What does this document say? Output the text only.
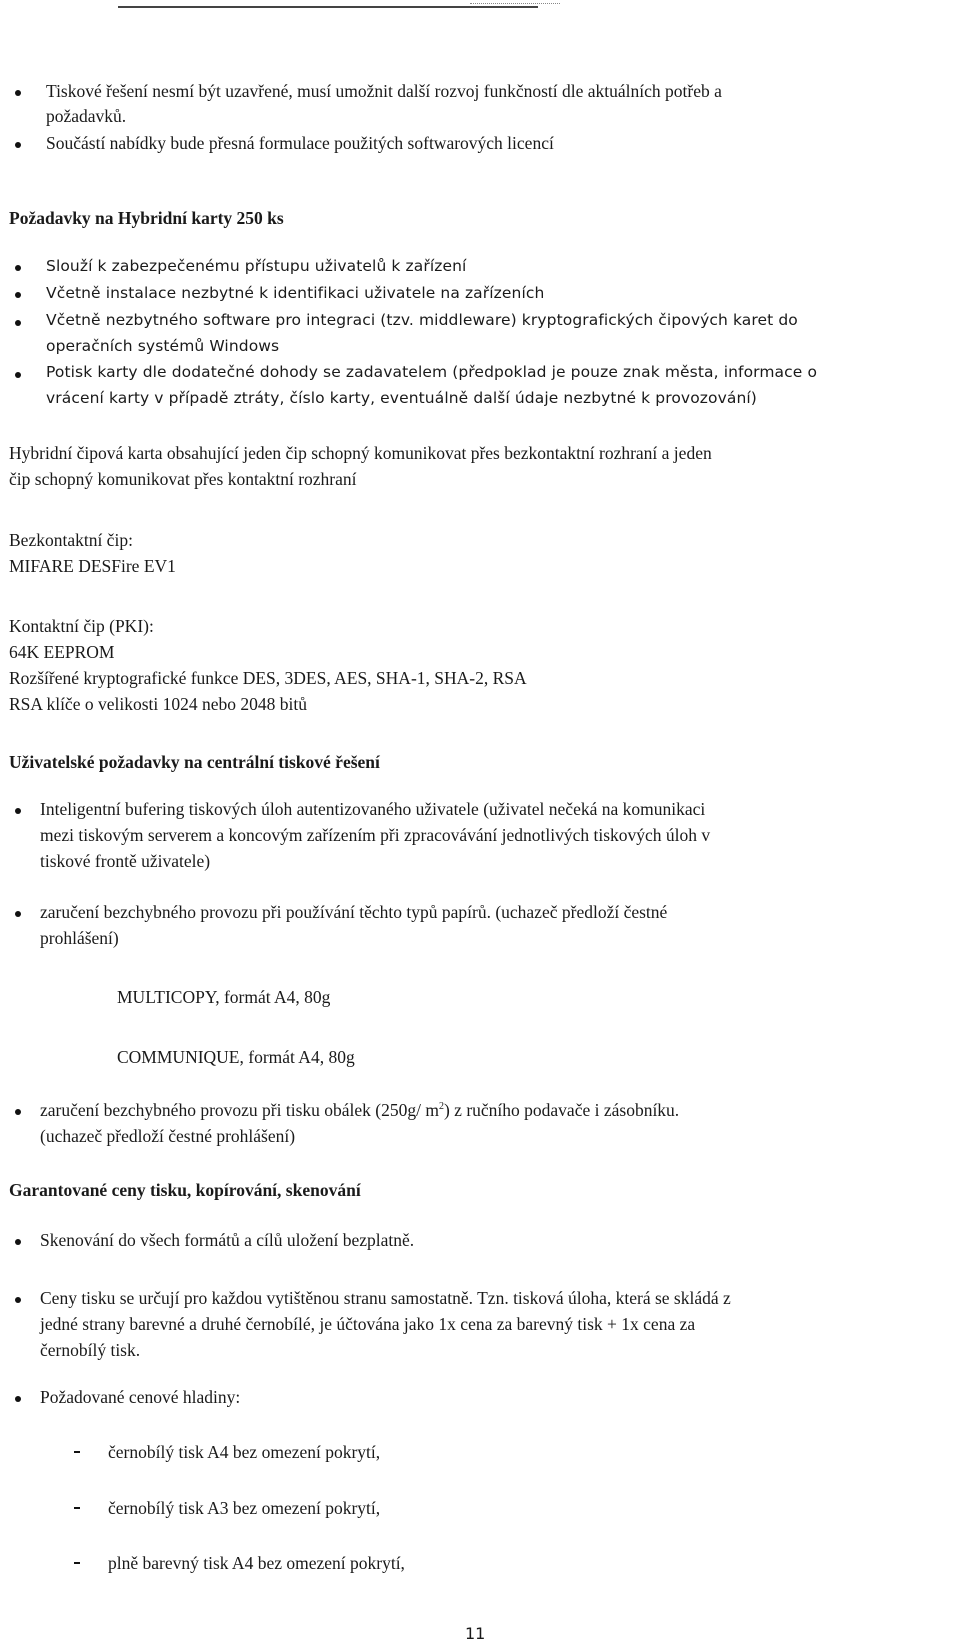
Tiskové řešení nesmí být uzavřené, musí umožnit další rozvoj funkčností dle aktuálních potřeb a
požadavků.
Součástí nabídky bude přesná formulace použitých softwarových licencí
Požadavky na Hybridní karty 250 ks
Slouží k zabezpečenému přístupu uživatelů k zařízení
Včetně instalace nezbytné k identifikaci uživatele na zařízeních
Včetně nezbytného software pro integraci (tzv. middleware) kryptografických čipových karet do
operačních systémů Windows
Potisk karty dle dodatečné dohody se zadavatelem (předpoklad je pouze znak města, informace o
vrácení karty v případě ztráty, číslo karty, eventuálně další údaje nezbytné k provozování)
Hybridní čipová karta obsahující jeden čip schopný komunikovat přes bezkontaktní rozhraní a jeden
čip schopný komunikovat přes kontaktní rozhraní
Bezkontaktní čip:
MIFARE DESFire EV1
Kontaktní čip (PKI):
64K EEPROM
Rozšířené kryptografické funkce DES, 3DES, AES, SHA-1, SHA-2, RSA
RSA klíče o velikosti 1024 nebo 2048 bitů
Uživatelské požadavky na centrální tiskové řešení
Inteligentní bufering tiskových úloh autentizovaného uživatele (uživatel nečeká na komunikaci
mezi tiskovým serverem a koncovým zařízením při zpracovávání jednotlivých tiskových úloh v
tiskové frontě uživatele)
zaručení bezchybného provozu při používání těchto typů papírů. (uchazeč předloží čestné
prohlášení)
MULTICOPY, formát A4, 80g
COMMUNIQUE, formát A4, 80g
zaručení bezchybného provozu při tisku obálek (250g/ $m^2$) z ručního podavače i zásobníku.
(uchazeč předloží čestné prohlášení)
Garantované ceny tisku, kopírování, skenování
Skenování do všech formátů a cílů uložení bezplatně.
Ceny tisku se určují pro každou vytištěnou stranu samostatně. Tzn. tisková úloha, která se skládá z
jedné strany barevné a druhé černobílé, je účtována jako 1x cena za barevný tisk + 1x cena za
černobílý tisk.
Požadované cenové hladiny:
černobílý tisk A4 bez omezení pokrytí,
černobílý tisk A3 bez omezení pokrytí,
plně barevný tisk A4 bez omezení pokrytí,
11
